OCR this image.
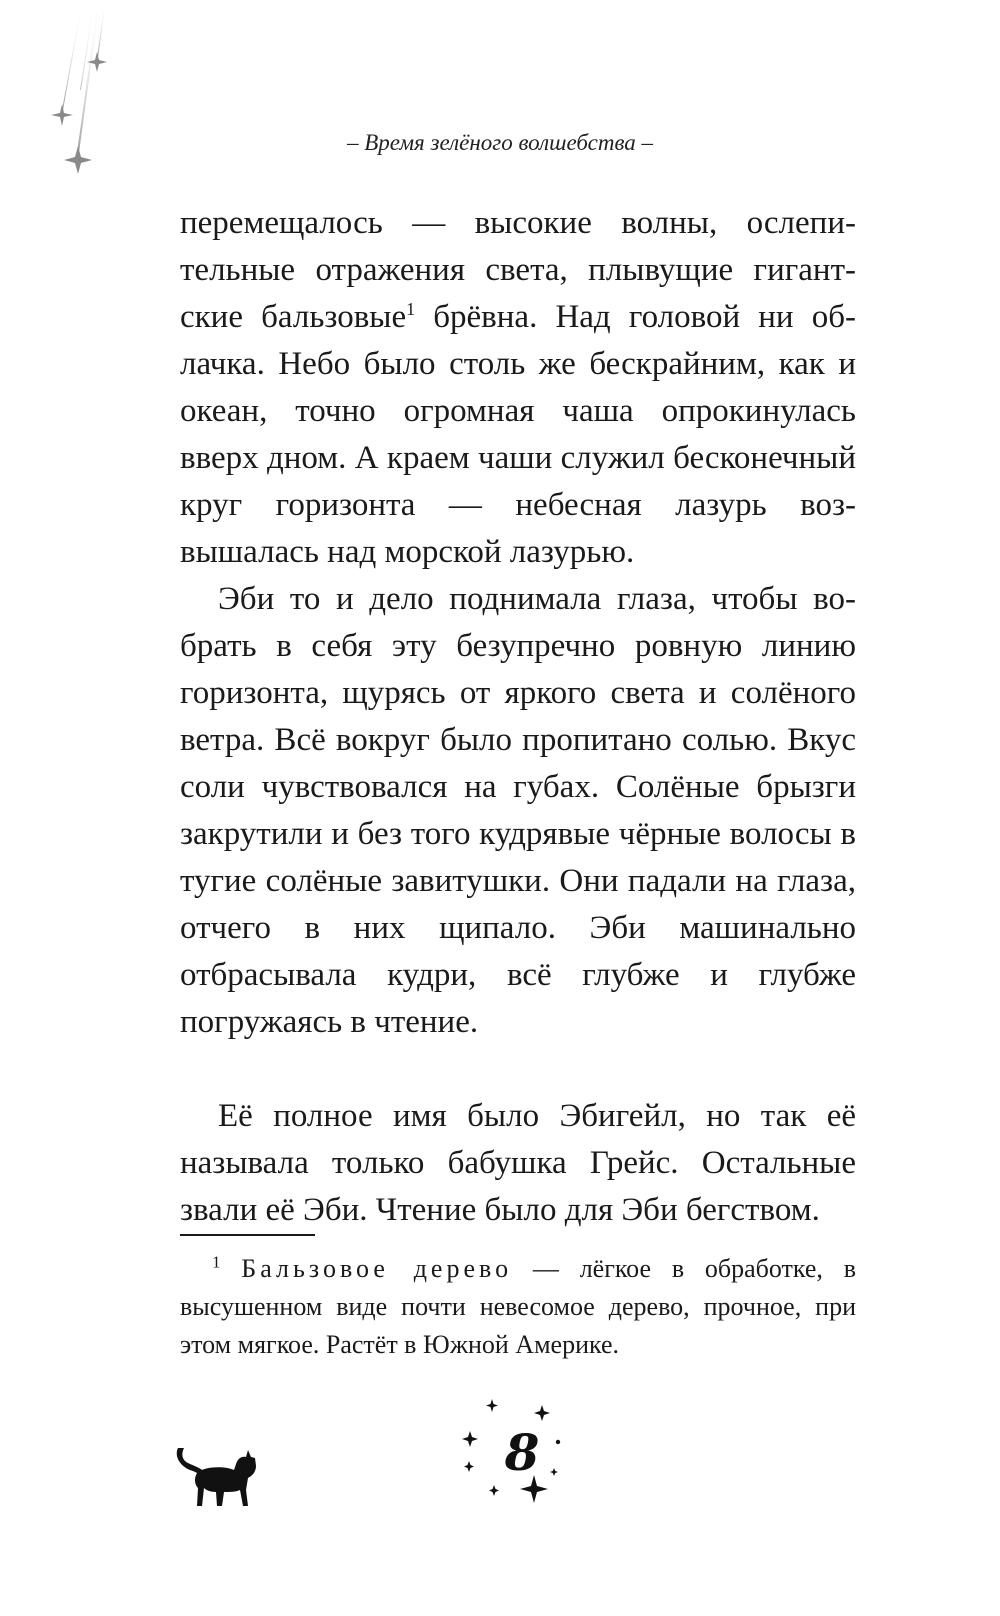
– Время зелёного волшебства –

перемещалось — высокие волны, ослепительные отражения света, плывущие гигантские бальзовые$^1$ брёвна. Над головой ни облачка. Небо было столь же бескрайним, как и океан, точно огромная чаша опрокинулась вверх дном. А краем чаши служил бесконечный круг горизонта — небесная лазурь возвышалась над морской лазурью.

Эби то и дело поднимала глаза, чтобы вобрать в себя эту безупречно ровную линию горизонта, щурясь от яркого света и солёного ветра. Всё вокруг было пропитано солью. Вкус соли чувствовался на губах. Солёные брызги закрутили и без того кудрявые чёрные волосы в тугие солёные завитушки. Они падали на глаза, отчего в них щипало. Эби машинально отбрасывала кудри, всё глубже и глубже погружаясь в чтение.

Её полное имя было Эбигейл, но так её называла только бабушка Грейс. Остальные звали её Эби. Чтение было для Эби бегством.

$^1$ Бальзовое дерево — лёгкое в обработке, в высушенном виде почти невесомое дерево, прочное, при этом мягкое. Растёт в Южной Америке.

8
